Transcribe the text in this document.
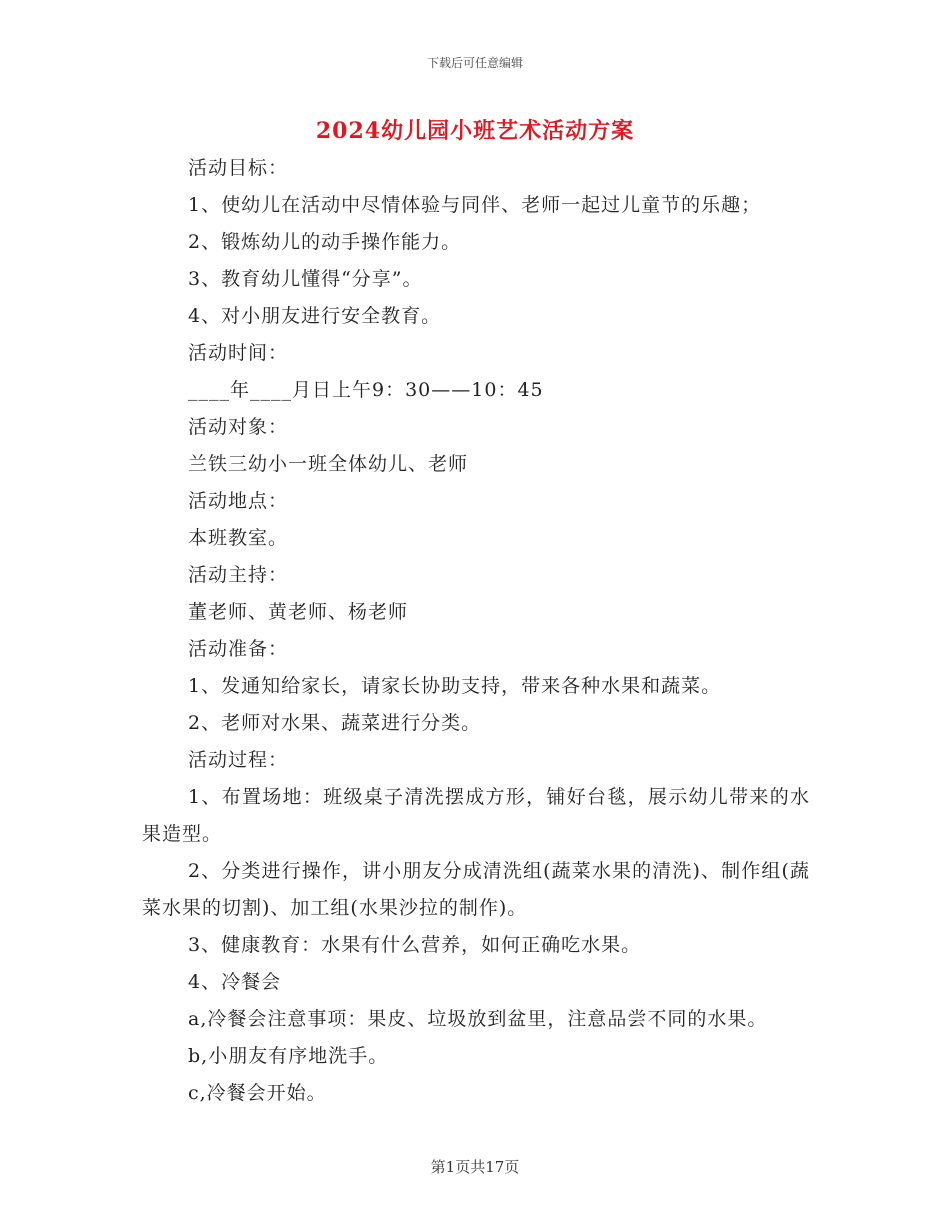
下载后可任意编辑
2024幼儿园小班艺术活动方案
活动目标：
1、使幼儿在活动中尽情体验与同伴、老师一起过儿童节的乐趣；
2、锻炼幼儿的动手操作能力。
3、教育幼儿懂得“分享”。
4、对小朋友进行安全教育。
活动时间：
____年____月日上午9：30——10：45
活动对象：
兰铁三幼小一班全体幼儿、老师
活动地点：
本班教室。
活动主持：
董老师、黄老师、杨老师
活动准备：
1、发通知给家长，请家长协助支持，带来各种水果和蔬菜。
2、老师对水果、蔬菜进行分类。
活动过程：
1、布置场地：班级桌子清洗摆成方形，铺好台毯，展示幼儿带来的水果造型。
2、分类进行操作，讲小朋友分成清洗组(蔬菜水果的清洗)、制作组(蔬菜水果的切割)、加工组(水果沙拉的制作)。
3、健康教育：水果有什么营养，如何正确吃水果。
4、冷餐会
a,冷餐会注意事项：果皮、垃圾放到盆里，注意品尝不同的水果。
b,小朋友有序地洗手。
c,冷餐会开始。
第1页共17页
